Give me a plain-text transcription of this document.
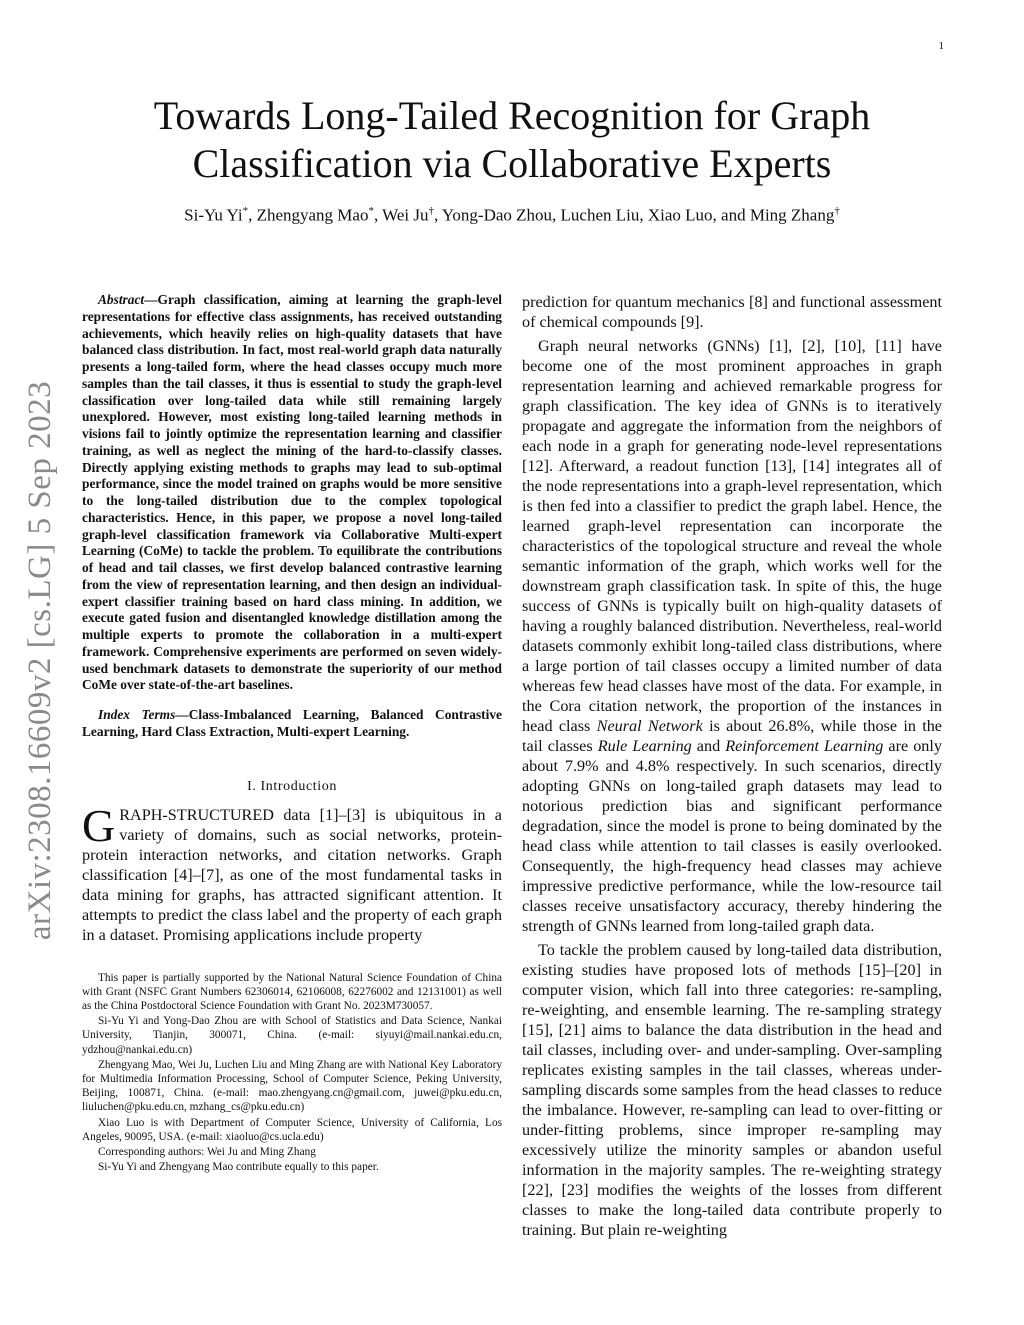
1
arXiv:2308.16609v2 [cs.LG] 5 Sep 2023
Towards Long-Tailed Recognition for Graph
Classification via Collaborative Experts
Si-Yu Yi*, Zhengyang Mao*, Wei Ju†, Yong-Dao Zhou, Luchen Liu, Xiao Luo, and Ming Zhang†

Abstract—Graph classification, aiming at learning the graph-level representations for effective class assignments, has received outstanding achievements, which heavily relies on high-quality datasets that have balanced class distribution. In fact, most real-world graph data naturally presents a long-tailed form, where the head classes occupy much more samples than the tail classes, it thus is essential to study the graph-level classification over long-tailed data while still remaining largely unexplored. However, most existing long-tailed learning methods in visions fail to jointly optimize the representation learning and classifier training, as well as neglect the mining of the hard-to-classify classes. Directly applying existing methods to graphs may lead to sub-optimal performance, since the model trained on graphs would be more sensitive to the long-tailed distribution due to the complex topological characteristics. Hence, in this paper, we propose a novel long-tailed graph-level classification framework via Collaborative Multi-expert Learning (CoMe) to tackle the problem. To equilibrate the contributions of head and tail classes, we first develop balanced contrastive learning from the view of representation learning, and then design an individual-expert classifier training based on hard class mining. In addition, we execute gated fusion and disentangled knowledge distillation among the multiple experts to promote the collaboration in a multi-expert framework. Comprehensive experiments are performed on seven widely-used benchmark datasets to demonstrate the superiority of our method CoMe over state-of-the-art baselines.

Index Terms—Class-Imbalanced Learning, Balanced Contrastive Learning, Hard Class Extraction, Multi-expert Learning.
I. Introduction
GRAPH-STRUCTURED data [1]–[3] is ubiquitous in a variety of domains, such as social networks, protein-protein interaction networks, and citation networks. Graph classification [4]–[7], as one of the most fundamental tasks in data mining for graphs, has attracted significant attention. It attempts to predict the class label and the property of each graph in a dataset. Promising applications include property

This paper is partially supported by the National Natural Science Foundation of China with Grant (NSFC Grant Numbers 62306014, 62106008, 62276002 and 12131001) as well as the China Postdoctoral Science Foundation with Grant No. 2023M730057.

Si-Yu Yi and Yong-Dao Zhou are with School of Statistics and Data Science, Nankai University, Tianjin, 300071, China. (e-mail: siyuyi@mail.nankai.edu.cn, ydzhou@nankai.edu.cn)

Zhengyang Mao, Wei Ju, Luchen Liu and Ming Zhang are with National Key Laboratory for Multimedia Information Processing, School of Computer Science, Peking University, Beijing, 100871, China. (e-mail: mao.zhengyang.cn@gmail.com, juwei@pku.edu.cn, liuluchen@pku.edu.cn, mzhang_cs@pku.edu.cn)

Xiao Luo is with Department of Computer Science, University of California, Los Angeles, 90095, USA. (e-mail: xiaoluo@cs.ucla.edu)

Corresponding authors: Wei Ju and Ming Zhang

Si-Yu Yi and Zhengyang Mao contribute equally to this paper.

prediction for quantum mechanics [8] and functional assessment of chemical compounds [9].

Graph neural networks (GNNs) [1], [2], [10], [11] have become one of the most prominent approaches in graph representation learning and achieved remarkable progress for graph classification. The key idea of GNNs is to iteratively propagate and aggregate the information from the neighbors of each node in a graph for generating node-level representations [12]. Afterward, a readout function [13], [14] integrates all of the node representations into a graph-level representation, which is then fed into a classifier to predict the graph label. Hence, the learned graph-level representation can incorporate the characteristics of the topological structure and reveal the whole semantic information of the graph, which works well for the downstream graph classification task. In spite of this, the huge success of GNNs is typically built on high-quality datasets of having a roughly balanced distribution. Nevertheless, real-world datasets commonly exhibit long-tailed class distributions, where a large portion of tail classes occupy a limited number of data whereas few head classes have most of the data. For example, in the Cora citation network, the proportion of the instances in head class Neural Network is about 26.8%, while those in the tail classes Rule Learning and Reinforcement Learning are only about 7.9% and 4.8% respectively. In such scenarios, directly adopting GNNs on long-tailed graph datasets may lead to notorious prediction bias and significant performance degradation, since the model is prone to being dominated by the head class while attention to tail classes is easily overlooked. Consequently, the high-frequency head classes may achieve impressive predictive performance, while the low-resource tail classes receive unsatisfactory accuracy, thereby hindering the strength of GNNs learned from long-tailed graph data.

To tackle the problem caused by long-tailed data distribution, existing studies have proposed lots of methods [15]–[20] in computer vision, which fall into three categories: re-sampling, re-weighting, and ensemble learning. The re-sampling strategy [15], [21] aims to balance the data distribution in the head and tail classes, including over- and under-sampling. Over-sampling replicates existing samples in the tail classes, whereas under-sampling discards some samples from the head classes to reduce the imbalance. However, re-sampling can lead to over-fitting or under-fitting problems, since improper re-sampling may excessively utilize the minority samples or abandon useful information in the majority samples. The re-weighting strategy [22], [23] modifies the weights of the losses from different classes to make the long-tailed data contribute properly to training. But plain re-weighting
